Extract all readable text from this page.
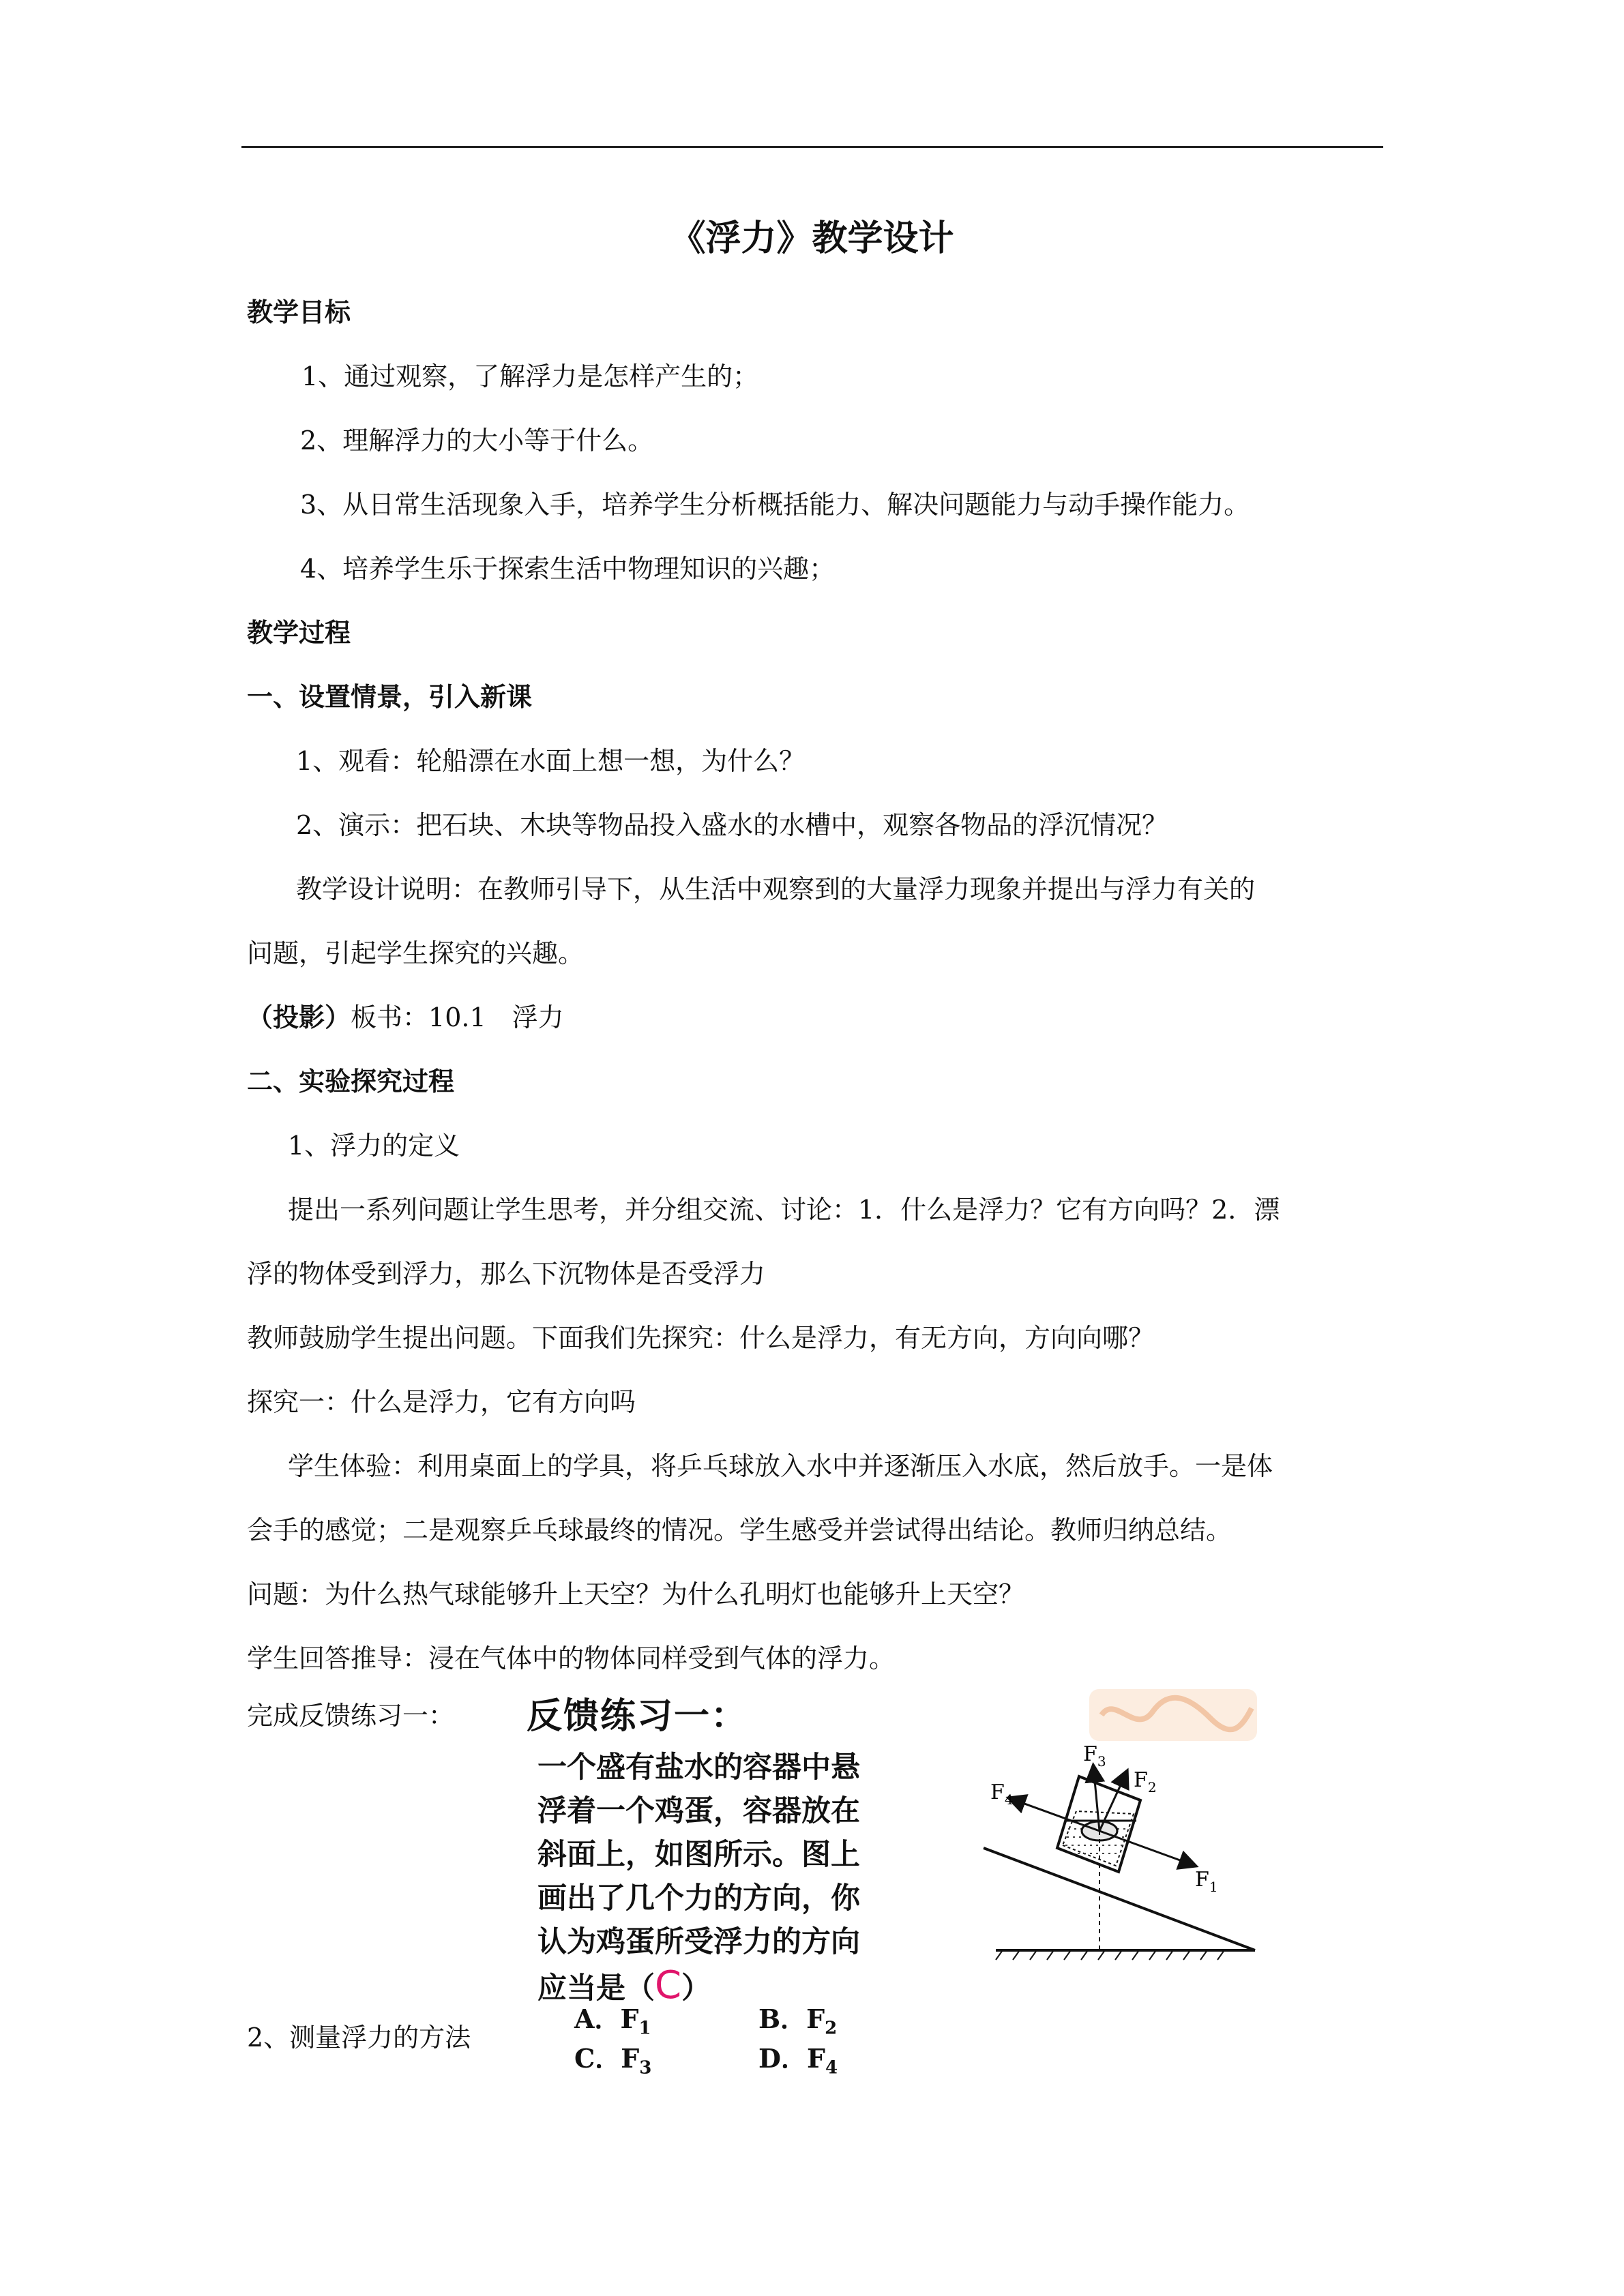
《浮力》教学设计
教学目标
1、通过观察，了解浮力是怎样产生的；
2、理解浮力的大小等于什么。
3、从日常生活现象入手，培养学生分析概括能力、解决问题能力与动手操作能力。
4、培养学生乐于探索生活中物理知识的兴趣；
教学过程
一、设置情景，引入新课
1、观看：轮船漂在水面上想一想，为什么？
2、演示：把石块、木块等物品投入盛水的水槽中，观察各物品的浮沉情况？
教学设计说明：在教师引导下，从生活中观察到的大量浮力现象并提出与浮力有关的
问题，引起学生探究的兴趣。
（投影）板书：10.1　浮力
二、实验探究过程
1、浮力的定义
提出一系列问题让学生思考，并分组交流、讨论：1．什么是浮力？它有方向吗？2．漂
浮的物体受到浮力，那么下沉物体是否受浮力
教师鼓励学生提出问题。下面我们先探究：什么是浮力，有无方向，方向向哪？
探究一：什么是浮力，它有方向吗
学生体验：利用桌面上的学具，将乒乓球放入水中并逐渐压入水底，然后放手。一是体
会手的感觉；二是观察乒乓球最终的情况。学生感受并尝试得出结论。教师归纳总结。
问题：为什么热气球能够升上天空？为什么孔明灯也能够升上天空？
学生回答推导：浸在气体中的物体同样受到气体的浮力。
完成反馈练习一：
2、测量浮力的方法
反馈练习一：
一个盛有盐水的容器中悬
浮着一个鸡蛋，容器放在
斜面上，如图所示。图上
画出了几个力的方向，你
认为鸡蛋所受浮力的方向
应当是（C）
A．$F_1$	B．$F_2$
C．$F_3$	D．$F_4$
$F_3$
$F_2$
$F_1$
$F_4$
